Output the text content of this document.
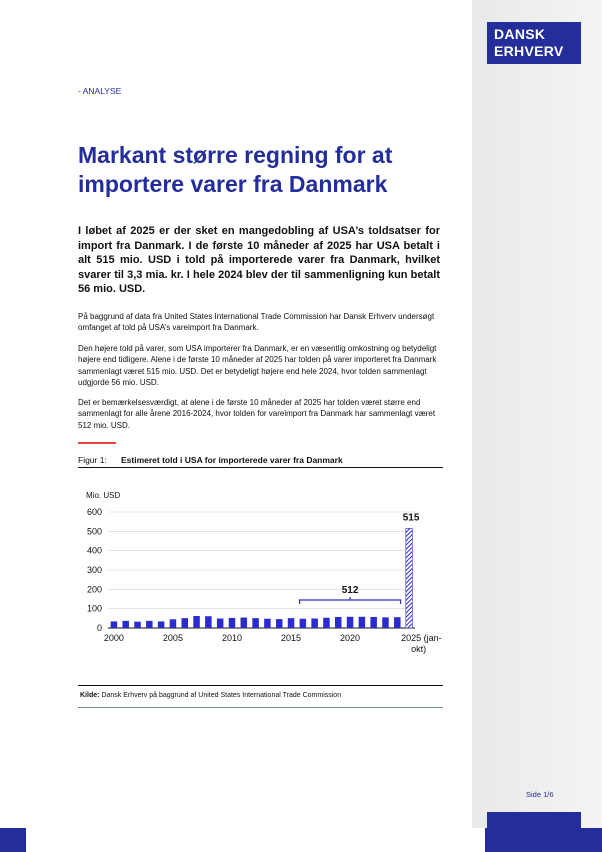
DANSK
ERHVERV
- ANALYSE
Markant større regning for at importere varer fra Danmark

I løbet af 2025 er der sket en mangedobling af USA’s toldsatser for import fra Danmark. I de første 10 måneder af 2025 har USA betalt i alt 515 mio. USD i told på importerede varer fra Danmark, hvilket svarer til 3,3 mia. kr. I hele 2024 blev der til sammenligning kun betalt 56 mio. USD.

På baggrund af data fra United States International Trade Commission har Dansk Erhverv undersøgt omfanget af told på USA’s vareimport fra Danmark.

Den højere told på varer, som USA importerer fra Danmark, er en væsentlig omkostning og betydeligt højere end tidligere. Alene i de første 10 måneder af 2025 har tolden på varer importeret fra Danmark sammenlagt været 515 mio. USD. Det er betydeligt højere end hele 2024, hvor tolden sammenlagt udgjorde 56 mio. USD.

Det er bemærkelsesværdigt, at alene i de første 10 måneder af 2025 har tolden været større end sammenlagt for alle årene 2016-2024, hvor tolden for vareimport fra Danmark har sammenlagt været 512 mio. USD.

Figur 1: Estimeret told i USA for importerede varer fra Danmark
Mio. USD
0
100
200
300
400
500
600
2000	2005	2010	2015	2020	2025 (jan-
okt)
515
512
Kilde: Dansk Erhverv på baggrund af United States International Trade Commission
Side 1/6
